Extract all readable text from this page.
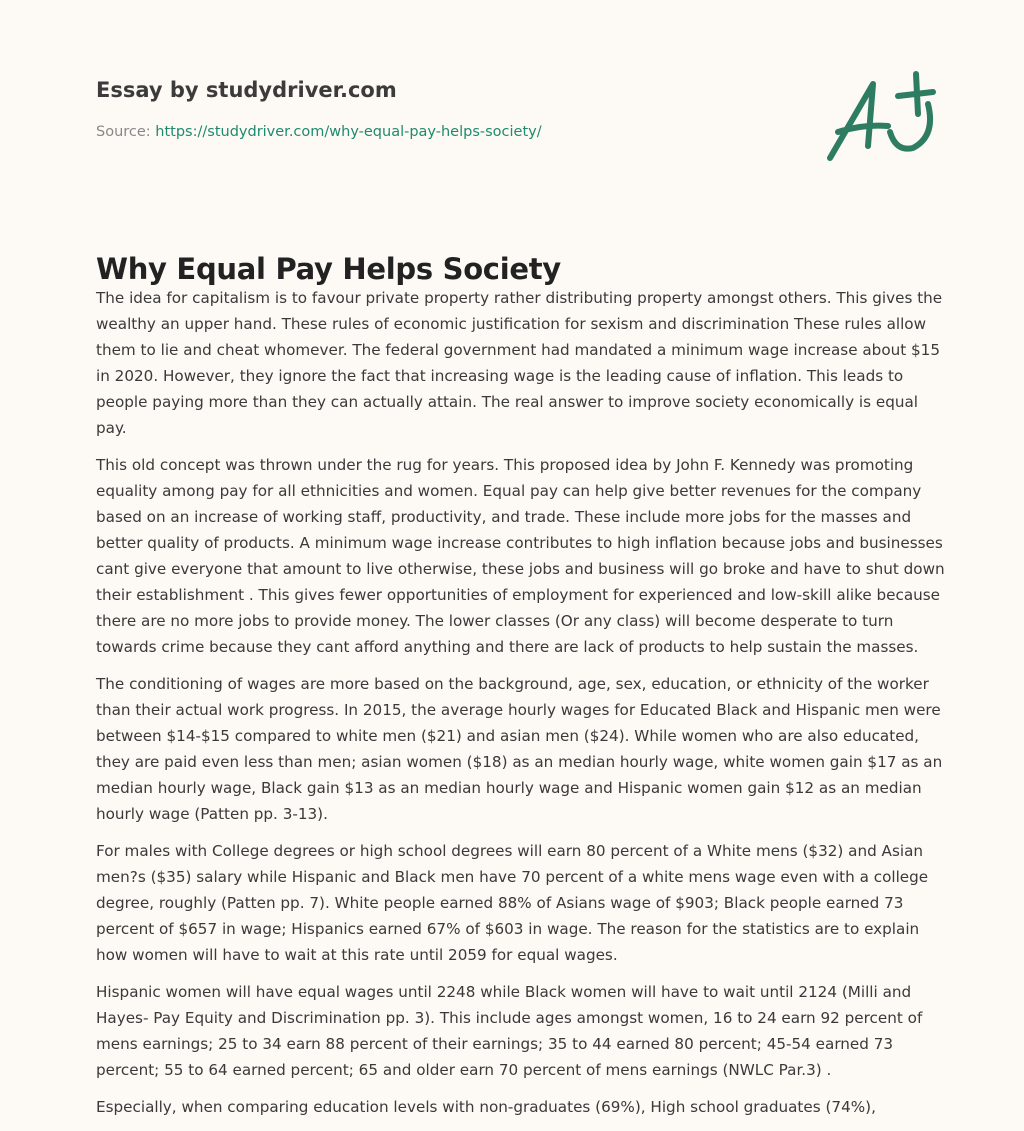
Essay by studydriver.com
Source: https://studydriver.com/why-equal-pay-helps-society/
Why Equal Pay Helps Society

The idea for capitalism is to favour private property rather distributing property amongst others. This gives the wealthy an upper hand. These rules of economic justification for sexism and discrimination These rules allow them to lie and cheat whomever. The federal government had mandated a minimum wage increase about $15 in 2020. However, they ignore the fact that increasing wage is the leading cause of inflation. This leads to people paying more than they can actually attain. The real answer to improve society economically is equal pay.

This old concept was thrown under the rug for years. This proposed idea by John F. Kennedy was promoting equality among pay for all ethnicities and women. Equal pay can help give better revenues for the company based on an increase of working staff, productivity, and trade. These include more jobs for the masses and better quality of products. A minimum wage increase contributes to high inflation because jobs and businesses cant give everyone that amount to live otherwise, these jobs and business will go broke and have to shut down their establishment . This gives fewer opportunities of employment for experienced and low-skill alike because there are no more jobs to provide money. The lower classes (Or any class) will become desperate to turn towards crime because they cant afford anything and there are lack of products to help sustain the masses.

The conditioning of wages are more based on the background, age, sex, education, or ethnicity of the worker than their actual work progress. In 2015, the average hourly wages for Educated Black and Hispanic men were between $14-$15 compared to white men ($21) and asian men ($24). While women who are also educated, they are paid even less than men; asian women ($18) as an median hourly wage, white women gain $17 as an median hourly wage, Black gain $13 as an median hourly wage and Hispanic women gain $12 as an median hourly wage (Patten pp. 3-13).

For males with College degrees or high school degrees will earn 80 percent of a White mens ($32) and Asian men?s ($35) salary while Hispanic and Black men have 70 percent of a white mens wage even with a college degree, roughly (Patten pp. 7). White people earned 88% of Asians wage of $903; Black people earned 73 percent of $657 in wage; Hispanics earned 67% of $603 in wage. The reason for the statistics are to explain how women will have to wait at this rate until 2059 for equal wages.

Hispanic women will have equal wages until 2248 while Black women will have to wait until 2124 (Milli and Hayes- Pay Equity and Discrimination pp. 3). This include ages amongst women, 16 to 24 earn 92 percent of mens earnings; 25 to 34 earn 88 percent of their earnings; 35 to 44 earned 80 percent; 45-54 earned 73 percent; 55 to 64 earned percent; 65 and older earn 70 percent of mens earnings (NWLC Par.3) .

Especially, when comparing education levels with non-graduates (69%), High school graduates (74%),
